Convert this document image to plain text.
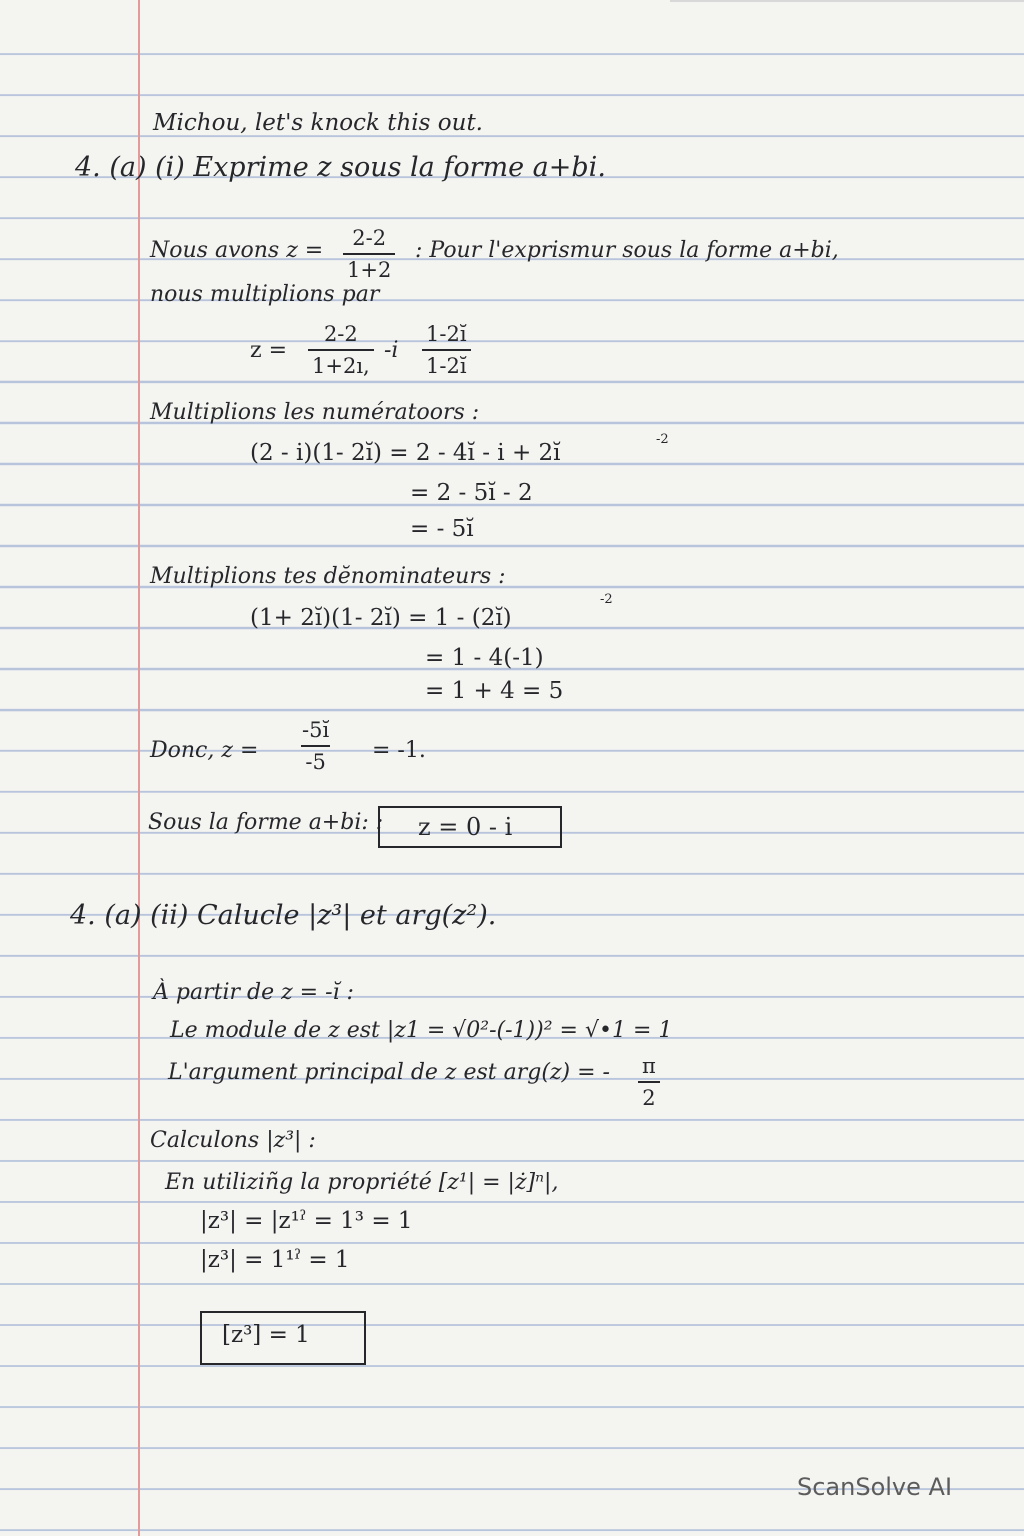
Michou, let's knock this out.
4. (a) (i) Exprime z sous la forme a+bi.
Nous avons $z = \frac{2-2}{1+2}$ : Pour l'exprismur sous la forme a+bi,
nous multiplions par
$z = \frac{2-2}{1+2ı,} -i \frac{1-2ĭ}{1-2ĭ}$
Multiplions les numératoors :
(2 - i)(1- 2ĭ) = 2 - 4ĭ - i + 2ĭ
-2
= 2 - 5ĭ - 2
= - 5ĭ
Multiplions tes dĕnominateurs :
(1+ 2ĭ)(1- 2ĭ) = 1 - (2ĭ)
-2
= 1 - 4(-1)
= 1 + 4 = 5
Donc, $z = \frac{-5ĭ}{-5} = -1$.
Sous la forme a+bi: : z = 0 - i
4. (a) (ii) Calucle |z³| et arg(z²).
À partir de z = -ĭ :
Le module de z est |z1 = √0²-(-1))² = √•1 = 1
L'argument principal de z est arg(z) = - $\frac{\pi}{2}$
Calculons |z³| :
En utiliziñg la propriété [z¹| = |ż]ⁿ|,
|z³| = |z¹ˀ = 1³ = 1
|z³| = 1¹ˀ = 1
[z³] = 1
ScanSolve AI
